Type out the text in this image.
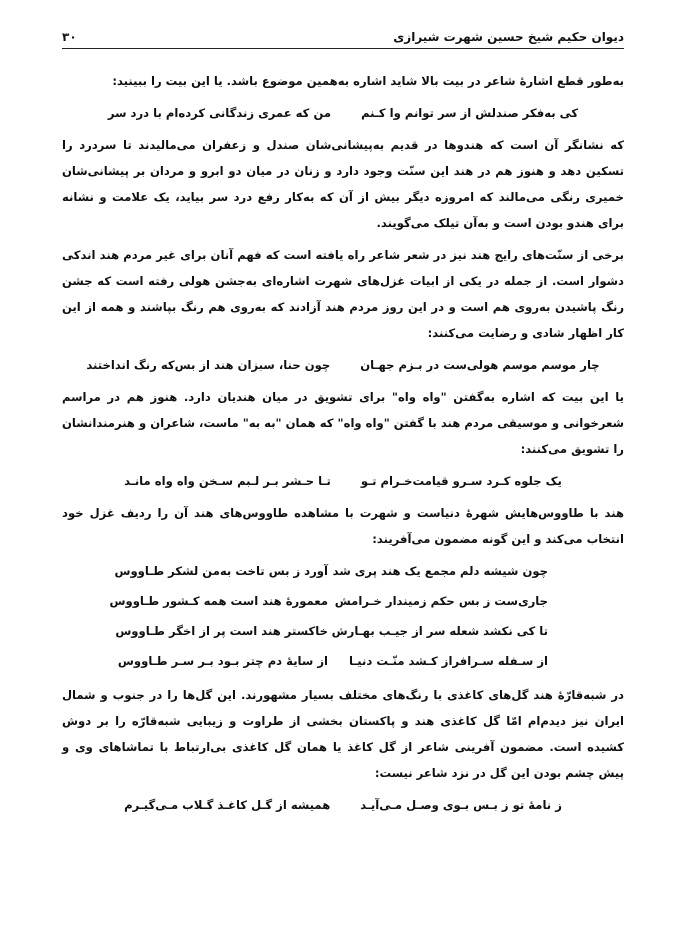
دیوان حکیم شیخ حسین شهرت شیرازی
۳۰

به‌طور قطع اشارهٔ شاعر در بیت بالا شاید اشاره به‌همین موضوع باشد. یا این بیت را ببینید:

کی به‌فکر صندلش از سر توانم وا کـنم
من که عمری زندگانی کرده‌ام با درد سر

که نشانگر آن است که هندوها در قدیم به‌پیشانی‌شان صندل و زعفران می‌مالیدند تا سردرد را تسکین دهد و هنوز هم در هند این سنّت وجود دارد و زنان در میان دو ابرو و مردان بر پیشانی‌شان خمیری رنگی می‌مالند که امروزه دیگر بیش از آن که به‌کار رفع درد سر بیاید، یک علامت و نشانه برای هندو بودن است و به‌آن تیلک می‌گویند.

برخی از سنّت‌های رایج هند نیز در شعر شاعر راه یافته است که فهم آنان برای غیر مردم هند اندکی دشوار است. از جمله در یکی از ابیات غزل‌های شهرت اشاره‌ای به‌جشن هولی رفته است که جشن رنگ پاشیدن به‌روی هم است و در این روز مردم هند آزادند که به‌روی هم رنگ بپاشند و همه از این کار اظهار شادی و رضایت می‌کنند:

چار موسم موسم هولی‌ست در بـزم جهـان
چون حنا، سبزان هند از بس‌که رنگ انداختند

یا این بیت که اشاره به‌گفتن "واه واه" برای تشویق در میان هندیان دارد. هنوز هم در مراسم شعرخوانی و موسیقی مردم هند با گفتن "واه واه" که همان "به به" ماست، شاعران و هنرمندانشان را تشویق می‌کنند:

یک جلوه کـرد سـرو قیامت‌خـرام تـو
تـا حـشر بـر لـبم سـخن واه واه مانـد

هند با طاووس‌هایش شهرهٔ دنیاست و شهرت با مشاهده طاووس‌های هند آن را ردیف غزل خود انتخاب می‌کند و این گونه مضمون می‌آفریند:

چون شیشه دلم مجمع یک هند پری شد
آورد ز بس تاخت به‌من لشکر طـاووس
جاری‌ست ز بس حکم زمیندار خـرامش
معمورهٔ هند است همه کـشور طـاووس
تا کی نکشد شعله سر از جیـب بهـارش
خاکستر هند است پر از اخگر طـاووس
از سـفله سـرافراز کـشد منّـت دنیـا
از سایهٔ دم چتر بـود بـر سـر طـاووس

در شبه‌قارّهٔ هند گل‌های کاغذی با رنگ‌های مختلف بسیار مشهورند. این گل‌ها را در جنوب و شمال ایران نیز دیدم‌ام امّا گل کاغذی هند و پاکستان بخشی از طراوت و زیبایی شبه‌قارّه را بر دوش کشیده است. مضمون آفرینی شاعر از گل کاغذ یا همان گل کاغذی بی‌ارتباط با تماشاهای وی و پیش چشم بودن این گل در نزد شاعر نیست:

ز نامهٔ تو ز بـس بـوی وصـل مـی‌آیـد
همیشه از گـل کاغـذ گـلاب مـی‌گیـرم
